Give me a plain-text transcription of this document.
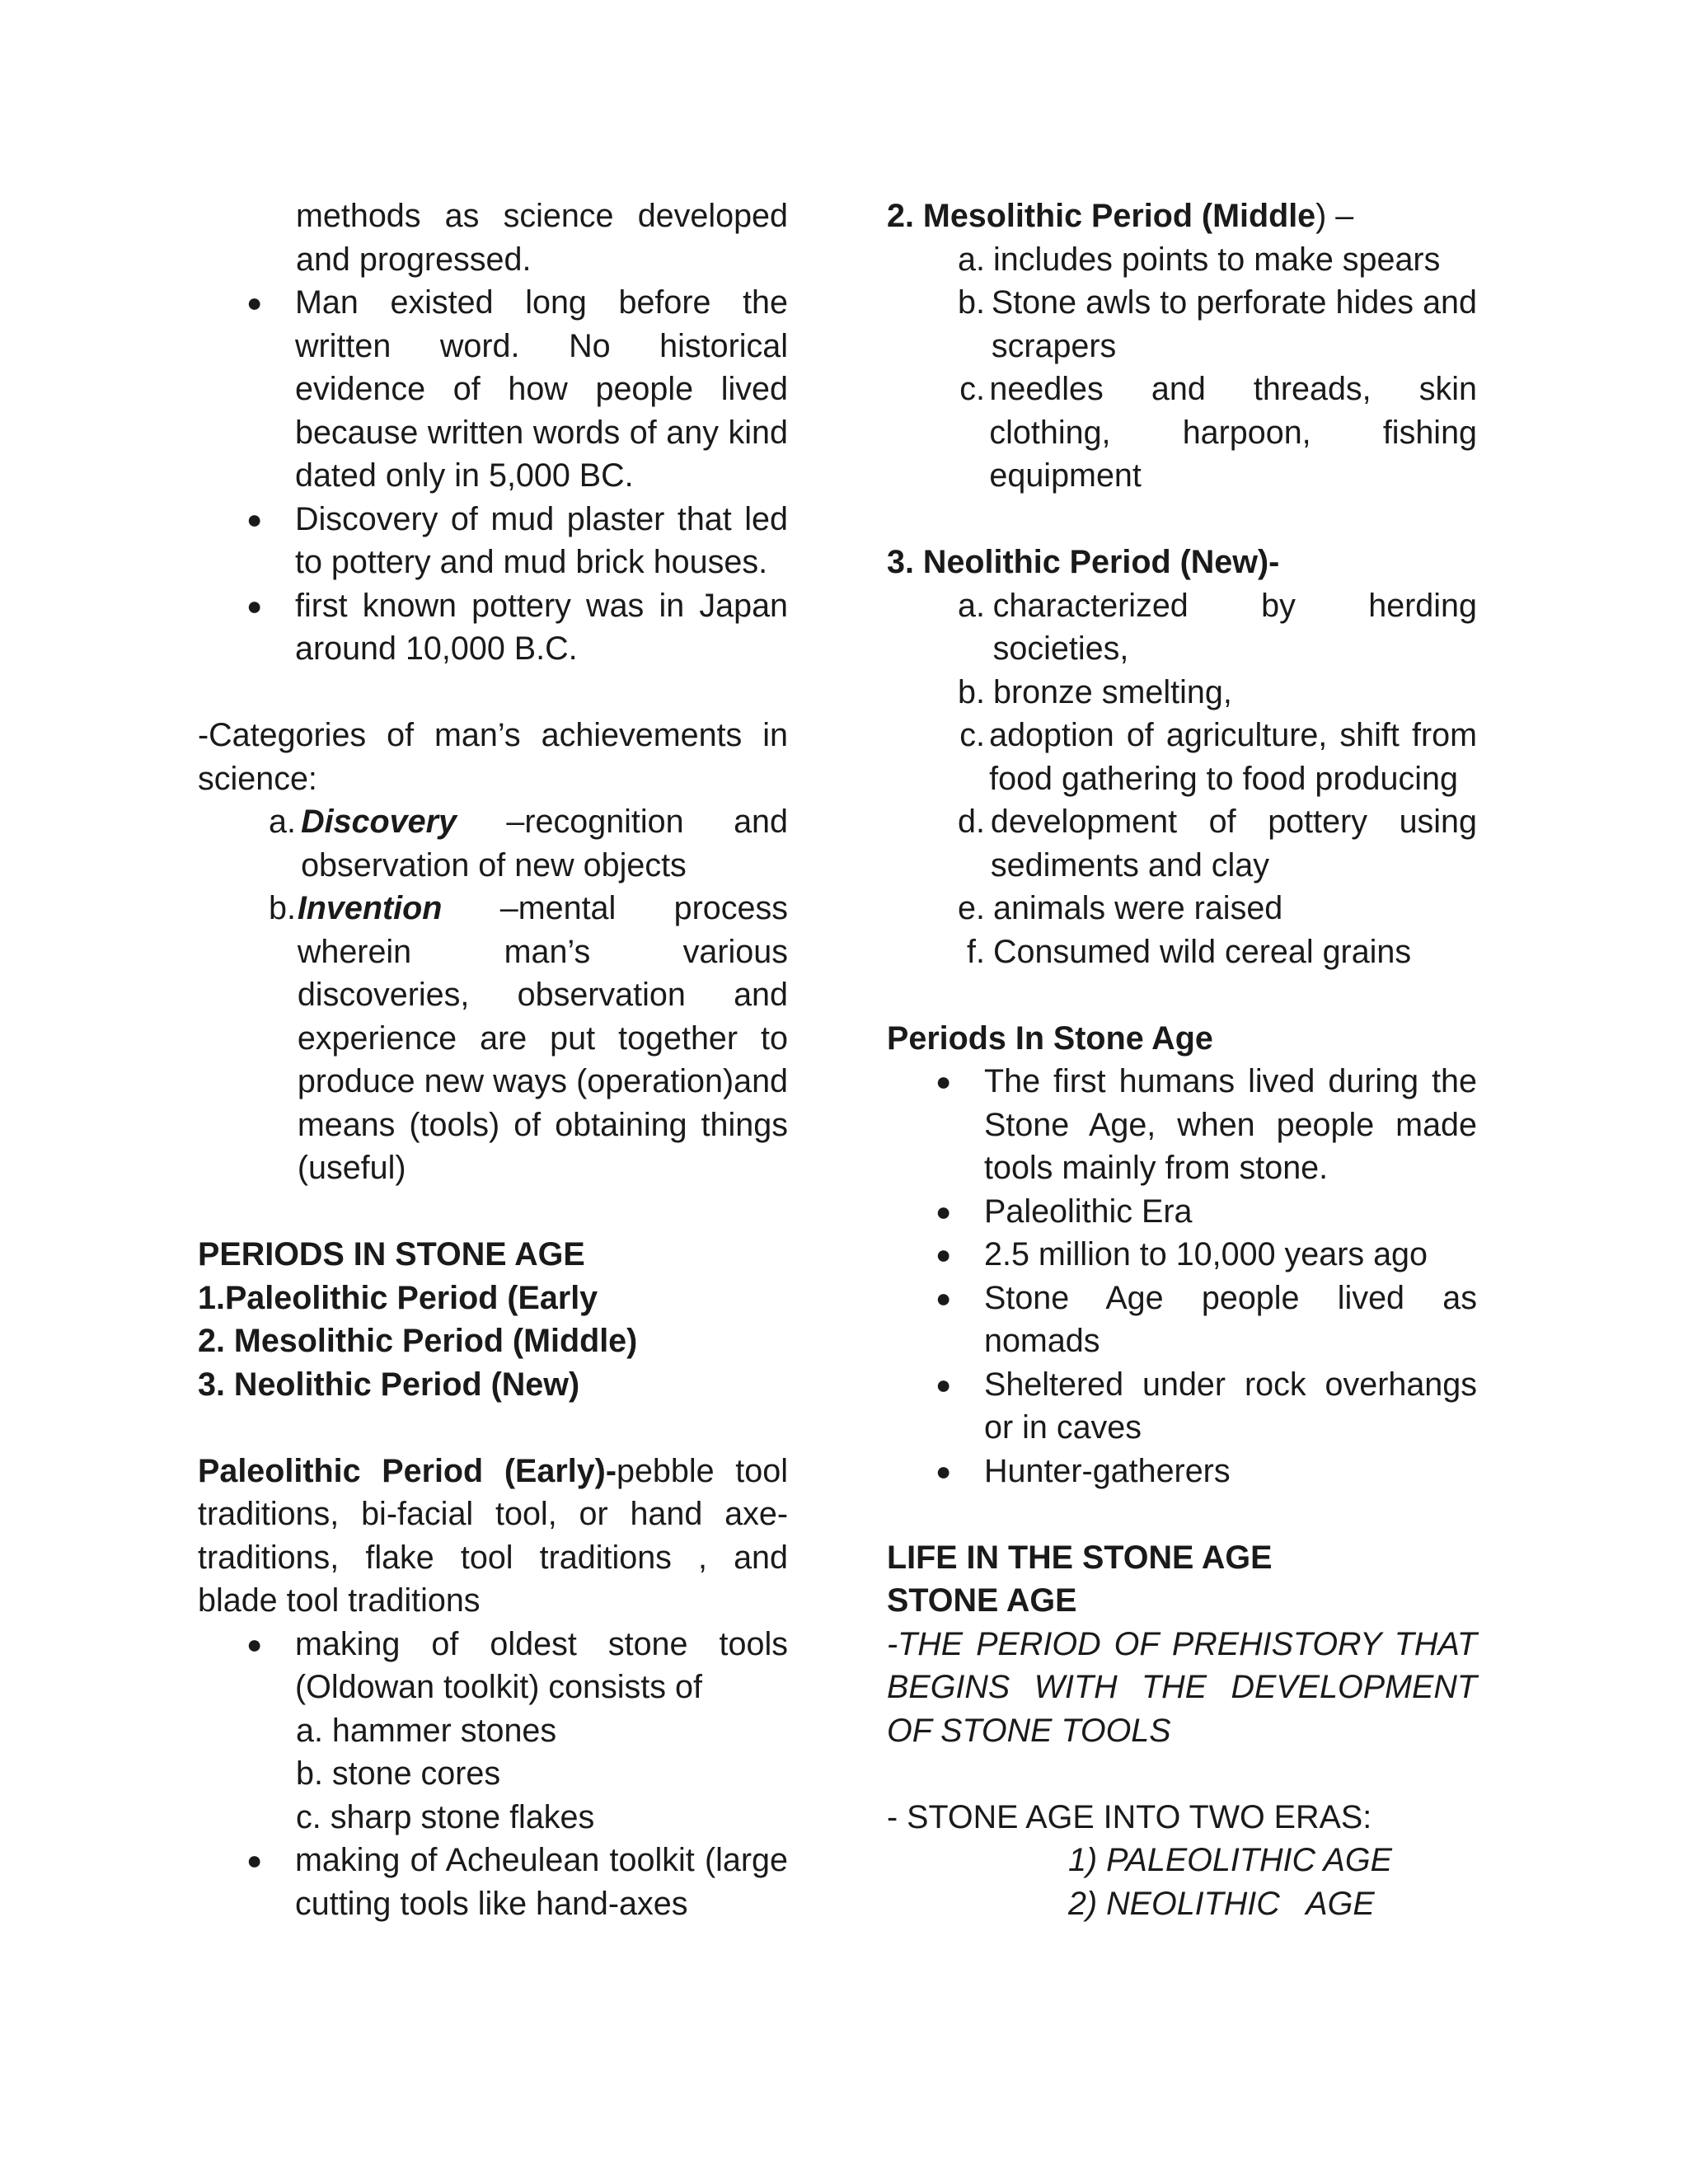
methods as science developed
and progressed.
●	Man existed long before the written word. No historical evidence of how people lived because written words of any kind dated only in 5,000 BC.
●	Discovery of mud plaster that led to pottery and mud brick houses.
●	first known pottery was in Japan around 10,000 B.C.
-Categories of man’s achievements in science:
a. Discovery –recognition and observation of new objects
b. Invention –mental process wherein man’s various discoveries, observation and experience are put together to produce new ways (operation)and means (tools) of obtaining things (useful)
PERIODS IN STONE AGE
1.Paleolithic Period (Early
2. Mesolithic Period (Middle)
3. Neolithic Period (New)
Paleolithic Period (Early)-pebble tool traditions, bi-facial tool, or hand axe-traditions, flake tool traditions , and blade tool traditions
●	making of oldest stone tools (Oldowan toolkit) consists of
a. hammer stones
b. stone cores
c. sharp stone flakes
●	making of Acheulean toolkit (large cutting tools like hand-axes
2. Mesolithic Period (Middle) –
a. includes points to make spears
b. Stone awls to perforate hides and scrapers
c. needles and threads, skin clothing, harpoon, fishing equipment
3. Neolithic Period (New)-
a. characterized by herding societies,
b. bronze smelting,
c. adoption of agriculture, shift from food gathering to food producing
d. development of pottery using sediments and clay
e. animals were raised
f. Consumed wild cereal grains
Periods In Stone Age
●	The first humans lived during the Stone Age, when people made tools mainly from stone.
●	Paleolithic Era
●	2.5 million to 10,000 years ago
●	Stone Age people lived as nomads
●	Sheltered under rock overhangs or in caves
●	Hunter-gatherers
LIFE IN THE STONE AGE
STONE AGE
-THE PERIOD OF PREHISTORY THAT BEGINS WITH THE DEVELOPMENT OF STONE TOOLS
- STONE AGE INTO TWO ERAS:
1) PALEOLITHIC AGE
2) NEOLITHIC   AGE
